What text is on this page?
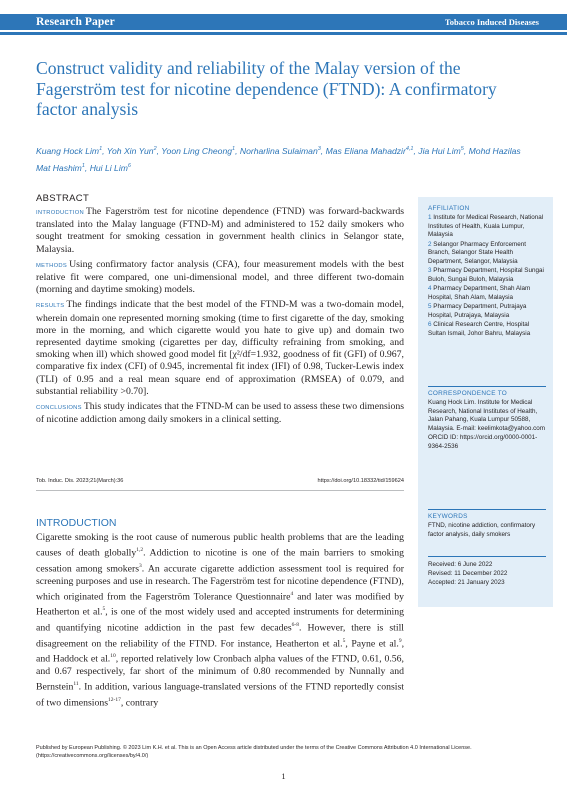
Research Paper	Tobacco Induced Diseases
Construct validity and reliability of the Malay version of the Fagerström test for nicotine dependence (FTND): A confirmatory factor analysis
Kuang Hock Lim$^1$, Yoh Xin Yun$^2$, Yoon Ling Cheong$^1$, Norharlina Sulaiman$^3$, Mas Eliana Mahadzir$^{4,1}$, Jia Hui Lim$^5$, Mohd Hazilas Mat Hashim$^1$, Hui Li Lim$^6$
ABSTRACT

INTRODUCTION The Fagerström test for nicotine dependence (FTND) was forward-backwards translated into the Malay language (FTND-M) and administered to 152 daily smokers who sought treatment for smoking cessation in government health clinics in Selangor state, Malaysia.

METHODS Using confirmatory factor analysis (CFA), four measurement models with the best relative fit were compared, one uni-dimensional model, and three different two-domain (morning and daytime smoking) models.

RESULTS The findings indicate that the best model of the FTND-M was a two-domain model, wherein domain one represented morning smoking (time to first cigarette of the day, smoking more in the morning, and which cigarette would you hate to give up) and domain two represented daytime smoking (cigarettes per day, difficulty refraining from smoking, and smoking when ill) which showed good model fit [χ²/df=1.932, goodness of fit (GFI) of 0.967, comparative fix index (CFI) of 0.945, incremental fit index (IFI) of 0.98, Tucker-Lewis index (TLI) of 0.95 and a real mean square end of approximation (RMSEA) of 0.079, and substantial reliability >0.70].

CONCLUSIONS This study indicates that the FTND-M can be used to assess these two dimensions of nicotine addiction among daily smokers in a clinical setting.

Tob. Induc. Dis. 2023;21(March):36	https://doi.org/10.18332/tid/159624
AFFILIATION
1 Institute for Medical Research, National Institutes of Health, Kuala Lumpur, Malaysia
2 Selangor Pharmacy Enforcement Branch, Selangor State Health Department, Selangor, Malaysia
3 Pharmacy Department, Hospital Sungai Buloh, Sungai Buloh, Malaysia
4 Pharmacy Department, Shah Alam Hospital, Shah Alam, Malaysia
5 Pharmacy Department, Putrajaya Hospital, Putrajaya, Malaysia
6 Clinical Research Centre, Hospital Sultan Ismail, Johor Bahru, Malaysia
CORRESPONDENCE TO
Kuang Hock Lim. Institute for Medical Research, National Institutes of Health, Jalan Pahang, Kuala Lumpur 50588, Malaysia. E-mail: keelimkota@yahoo.com ORCID ID: https://orcid.org/0000-0001-9364-2536
KEYWORDS
FTND, nicotine addiction, confirmatory factor analysis, daily smokers
Received: 6 June 2022
Revised: 11 December 2022
Accepted: 21 January 2023
INTRODUCTION
Cigarette smoking is the root cause of numerous public health problems that are the leading causes of death globally$^{1,2}$. Addiction to nicotine is one of the main barriers to smoking cessation among smokers$^3$. An accurate cigarette addiction assessment tool is required for screening purposes and use in research. The Fagerström test for nicotine dependence (FTND), which originated from the Fagerström Tolerance Questionnaire$^4$ and later was modified by Heatherton et al.$^5$, is one of the most widely used and accepted instruments for determining and quantifying nicotine addiction in the past few decades$^{6-8}$. However, there is still disagreement on the reliability of the FTND. For instance, Heatherton et al.$^5$, Payne et al.$^9$, and Haddock et al.$^{10}$, reported relatively low Cronbach alpha values of the FTND, 0.61, 0.56, and 0.67 respectively, far short of the minimum of 0.80 recommended by Nunnally and Bernstein$^{11}$. In addition, various language-translated versions of the FTND reportedly consist of two dimensions$^{12-17}$, contrary
Published by European Publishing. © 2023 Lim K.H. et al. This is an Open Access article distributed under the terms of the Creative Commons Attribution 4.0 International License. (https://creativecommons.org/licenses/by/4.0/)
1
